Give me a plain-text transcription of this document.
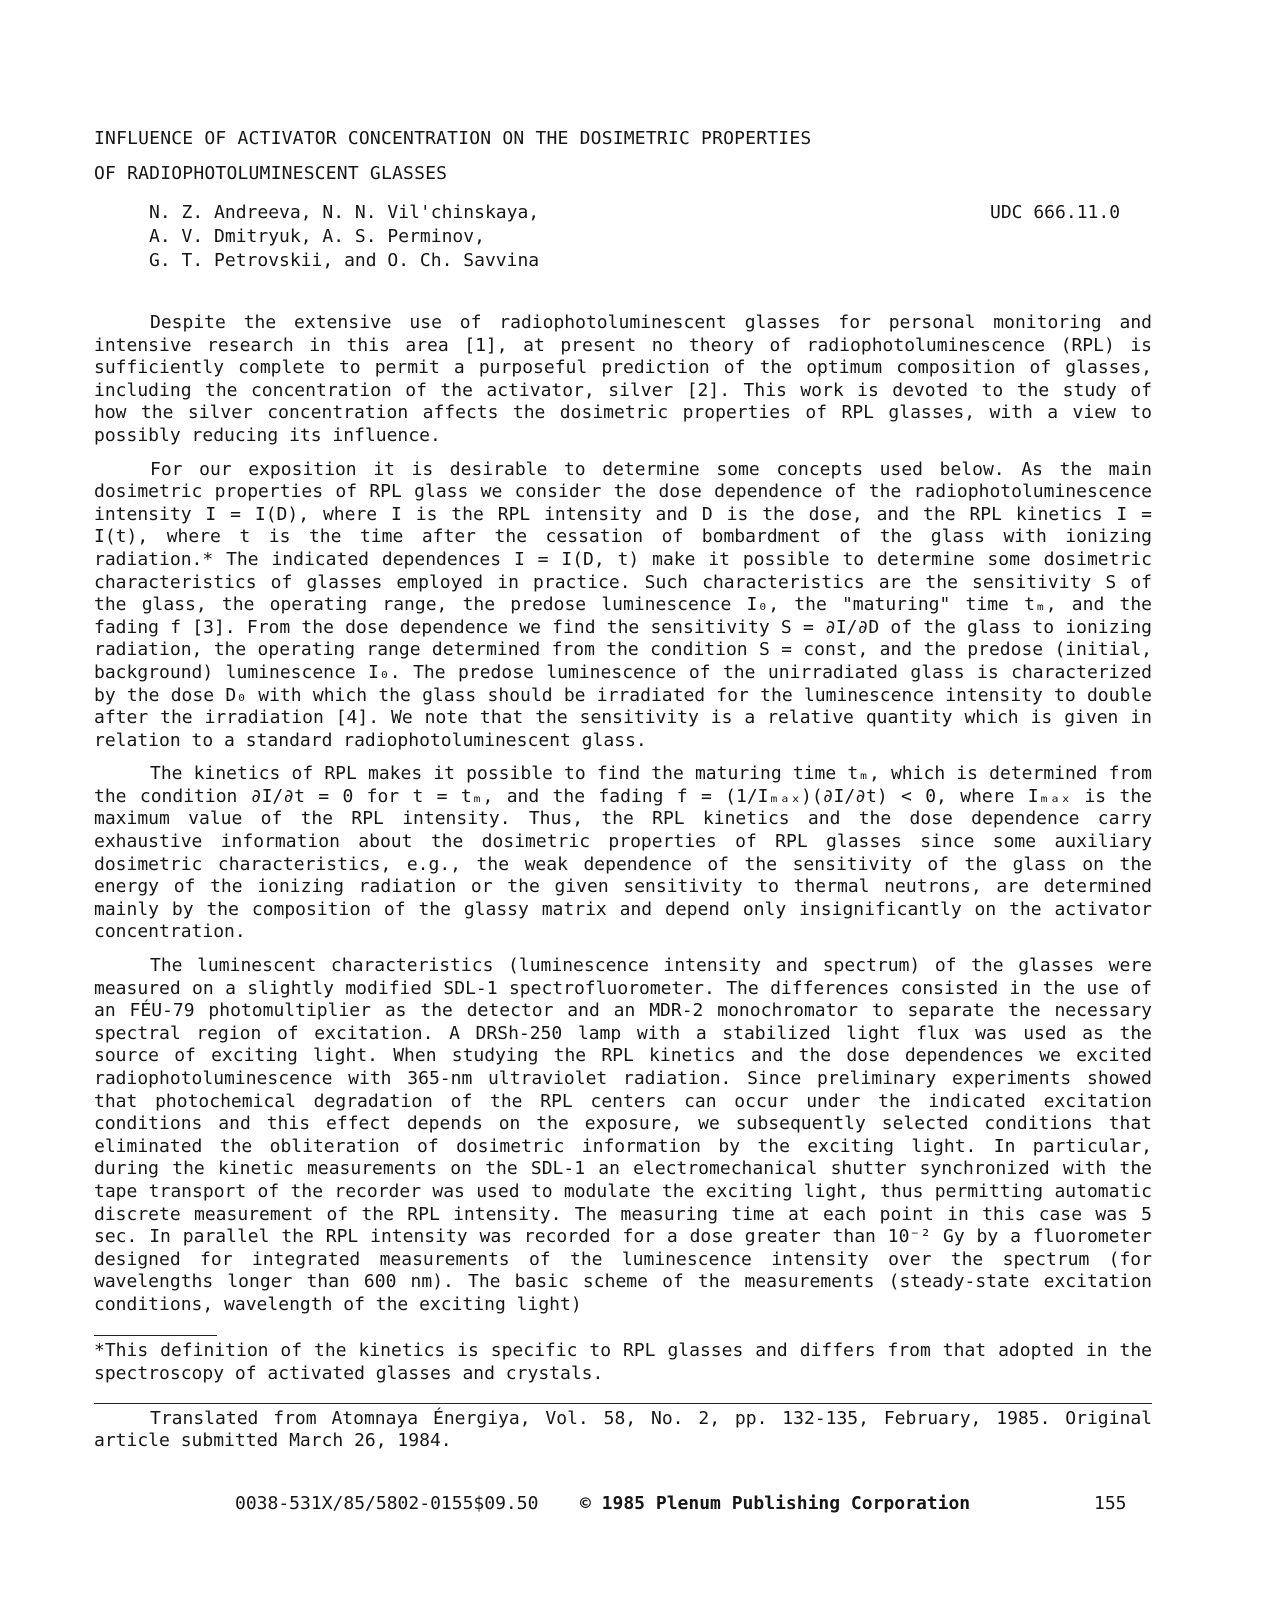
INFLUENCE OF ACTIVATOR CONCENTRATION ON THE DOSIMETRIC PROPERTIES
OF RADIOPHOTOLUMINESCENT GLASSES
N. Z. Andreeva, N. N. Vil'chinskaya,
A. V. Dmitryuk, A. S. Perminov,
G. T. Petrovskii, and O. Ch. Savvina
UDC 666.11.0

Despite the extensive use of radiophotoluminescent glasses for personal monitoring and intensive research in this area [1], at present no theory of radiophotoluminescence (RPL) is sufficiently complete to permit a purposeful prediction of the optimum composition of glasses, including the concentration of the activator, silver [2]. This work is devoted to the study of how the silver concentration affects the dosimetric properties of RPL glasses, with a view to possibly reducing its influence.

For our exposition it is desirable to determine some concepts used below. As the main dosimetric properties of RPL glass we consider the dose dependence of the radiophotoluminescence intensity I = I(D), where I is the RPL intensity and D is the dose, and the RPL kinetics I = I(t), where t is the time after the cessation of bombardment of the glass with ionizing radiation.* The indicated dependences I = I(D, t) make it possible to determine some dosimetric characteristics of glasses employed in practice. Such characteristics are the sensitivity S of the glass, the operating range, the predose luminescence I₀, the "maturing" time tₘ, and the fading f [3]. From the dose dependence we find the sensitivity S = ∂I/∂D of the glass to ionizing radiation, the operating range determined from the condition S = const, and the predose (initial, background) luminescence I₀. The predose luminescence of the unirradiated glass is characterized by the dose D₀ with which the glass should be irradiated for the luminescence intensity to double after the irradiation [4]. We note that the sensitivity is a relative quantity which is given in relation to a standard radiophotoluminescent glass.

The kinetics of RPL makes it possible to find the maturing time tₘ, which is determined from the condition ∂I/∂t = 0 for t = tₘ, and the fading f = (1/Iₘₐₓ)(∂I/∂t) < 0, where Iₘₐₓ is the maximum value of the RPL intensity. Thus, the RPL kinetics and the dose dependence carry exhaustive information about the dosimetric properties of RPL glasses since some auxiliary dosimetric characteristics, e.g., the weak dependence of the sensitivity of the glass on the energy of the ionizing radiation or the given sensitivity to thermal neutrons, are determined mainly by the composition of the glassy matrix and depend only insignificantly on the activator concentration.

The luminescent characteristics (luminescence intensity and spectrum) of the glasses were measured on a slightly modified SDL-1 spectrofluorometer. The differences consisted in the use of an FÉU-79 photomultiplier as the detector and an MDR-2 monochromator to separate the necessary spectral region of excitation. A DRSh-250 lamp with a stabilized light flux was used as the source of exciting light. When studying the RPL kinetics and the dose dependences we excited radiophotoluminescence with 365-nm ultraviolet radiation. Since preliminary experiments showed that photochemical degradation of the RPL centers can occur under the indicated excitation conditions and this effect depends on the exposure, we subsequently selected conditions that eliminated the obliteration of dosimetric information by the exciting light. In particular, during the kinetic measurements on the SDL-1 an electromechanical shutter synchronized with the tape transport of the recorder was used to modulate the exciting light, thus permitting automatic discrete measurement of the RPL intensity. The measuring time at each point in this case was 5 sec. In parallel the RPL intensity was recorded for a dose greater than 10⁻² Gy by a fluorometer designed for integrated measurements of the luminescence intensity over the spectrum (for wavelengths longer than 600 nm). The basic scheme of the measurements (steady-state excitation conditions, wavelength of the exciting light)

*This definition of the kinetics is specific to RPL glasses and differs from that adopted in the spectroscopy of activated glasses and crystals.

Translated from Atomnaya Énergiya, Vol. 58, No. 2, pp. 132-135, February, 1985. Original article submitted March 26, 1984.

0038-531X/85/5802-0155$09.50 © 1985 Plenum Publishing Corporation	155
